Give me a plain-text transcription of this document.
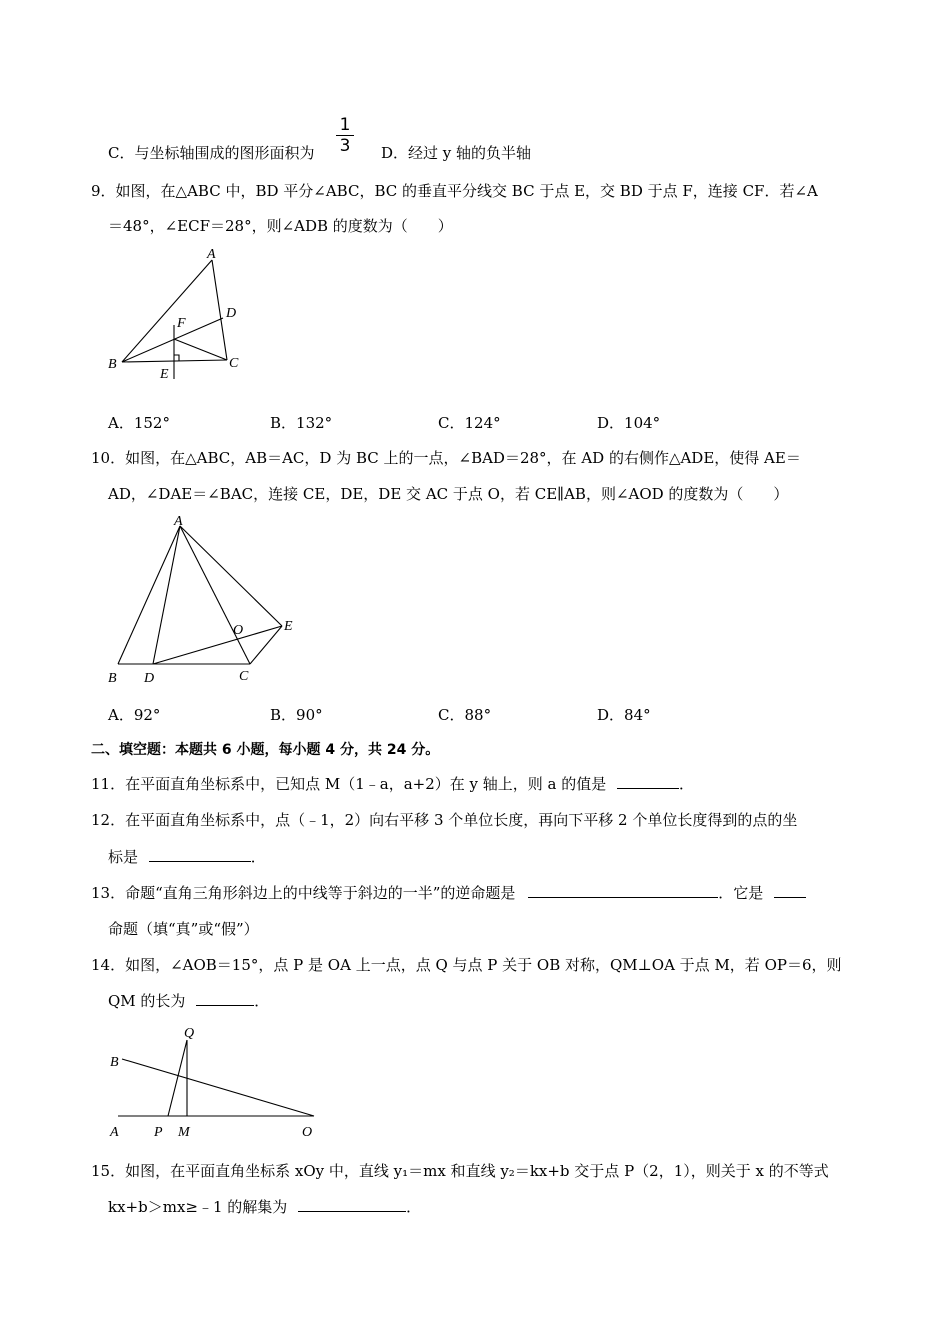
C．与坐标轴围成的图形面积为
1
3 D．经过 y 轴的负半轴
9．如图，在△ABC 中，BD 平分∠ABC，BC 的垂直平分线交 BC 于点 E，交 BD 于点 F，连接 CF．若∠A
＝48°，∠ECF＝28°，则∠ADB 的度数为（　　）
A
B	C
D
E
F
A．152°	B．132°	C．124°	D．104°
10．如图，在△ABC，AB＝AC，D 为 BC 上的一点，∠BAD＝28°，在 AD 的右侧作△ADE，使得 AE＝
AD，∠DAE＝∠BAC，连接 CE，DE，DE 交 AC 于点 O，若 CE∥AB，则∠AOD 的度数为（　　）
A
B	C
D
E
O
A．92°	B．90°	C．88°	D．84°
二、填空题：本题共 6 小题，每小题 4 分，共 24 分。
11．在平面直角坐标系中，已知点 M（1﹣a，a+2）在 y 轴上，则 a 的值是	．
12．在平面直角坐标系中，点（﹣1，2）向右平移 3 个单位长度，再向下平移 2 个单位长度得到的点的坐
标是	．
13．命题“直角三角形斜边上的中线等于斜边的一半”的逆命题是	．它是
命题（填“真”或“假”）
14．如图，∠AOB＝15°，点 P 是 OA 上一点，点 Q 与点 P 关于 OB 对称，QM⊥OA 于点 M，若 OP＝6，则
QM 的长为	．
A
B
O
P M
Q
15．如图，在平面直角坐标系 xOy 中，直线 y₁＝mx 和直线 y₂＝kx+b 交于点 P（2，1），则关于 x 的不等式
kx+b＞mx≥﹣1 的解集为	．
